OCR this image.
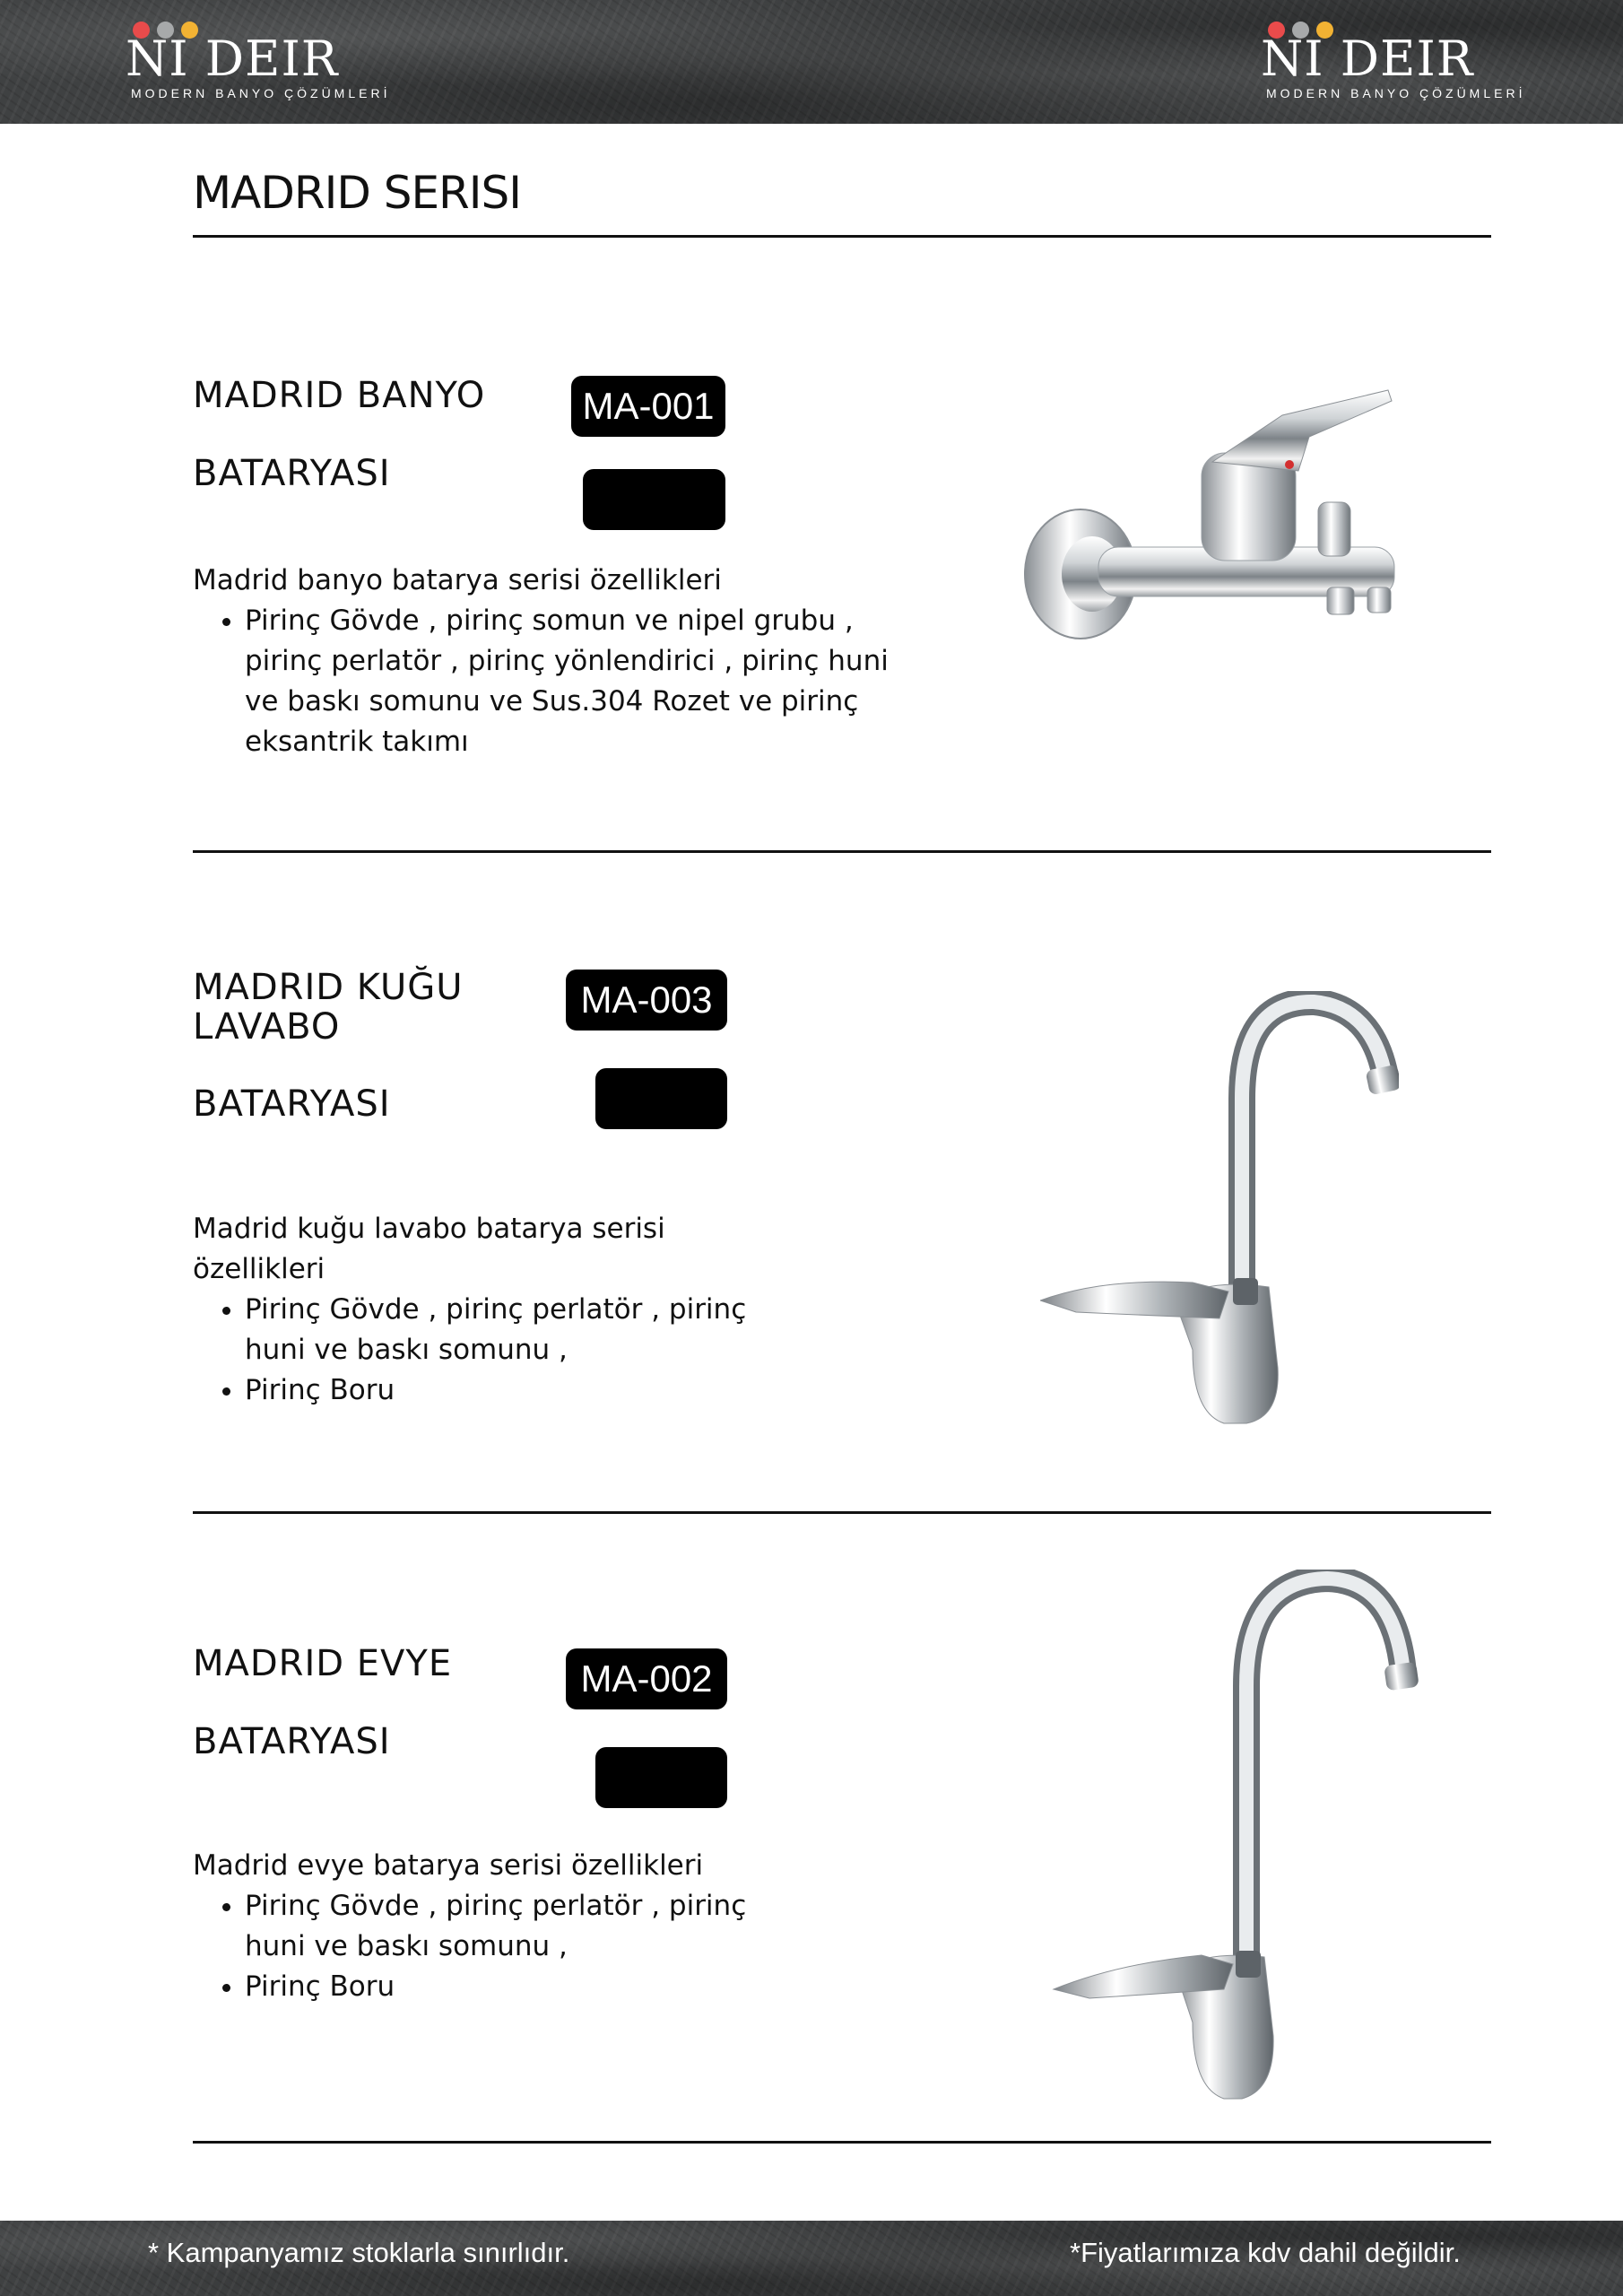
NI DEIR
MODERN BANYO ÇÖZÜMLERİ
NI DEIR
MODERN BANYO ÇÖZÜMLERİ
MADRID SERISI
MADRID BANYO
BATARYASI
MA-001
Madrid banyo batarya serisi özellikleri
• Pirinç Gövde , pirinç somun ve nipel grubu , pirinç perlatör , pirinç yönlendirici , pirinç huni ve baskı somunu ve Sus.304 Rozet ve pirinç eksantrik takımı
MADRID KUĞU
LAVABO
BATARYASI
MA-003
Madrid kuğu lavabo batarya serisi
özellikleri
• Pirinç Gövde , pirinç perlatör , pirinç huni ve baskı somunu ,
• Pirinç Boru
MADRID EVYE
BATARYASI
MA-002
Madrid evye batarya serisi özellikleri
• Pirinç Gövde , pirinç perlatör , pirinç huni ve baskı somunu ,
• Pirinç Boru
* Kampanyamız stoklarla sınırlıdır.	*Fiyatlarımıza kdv dahil değildir.
